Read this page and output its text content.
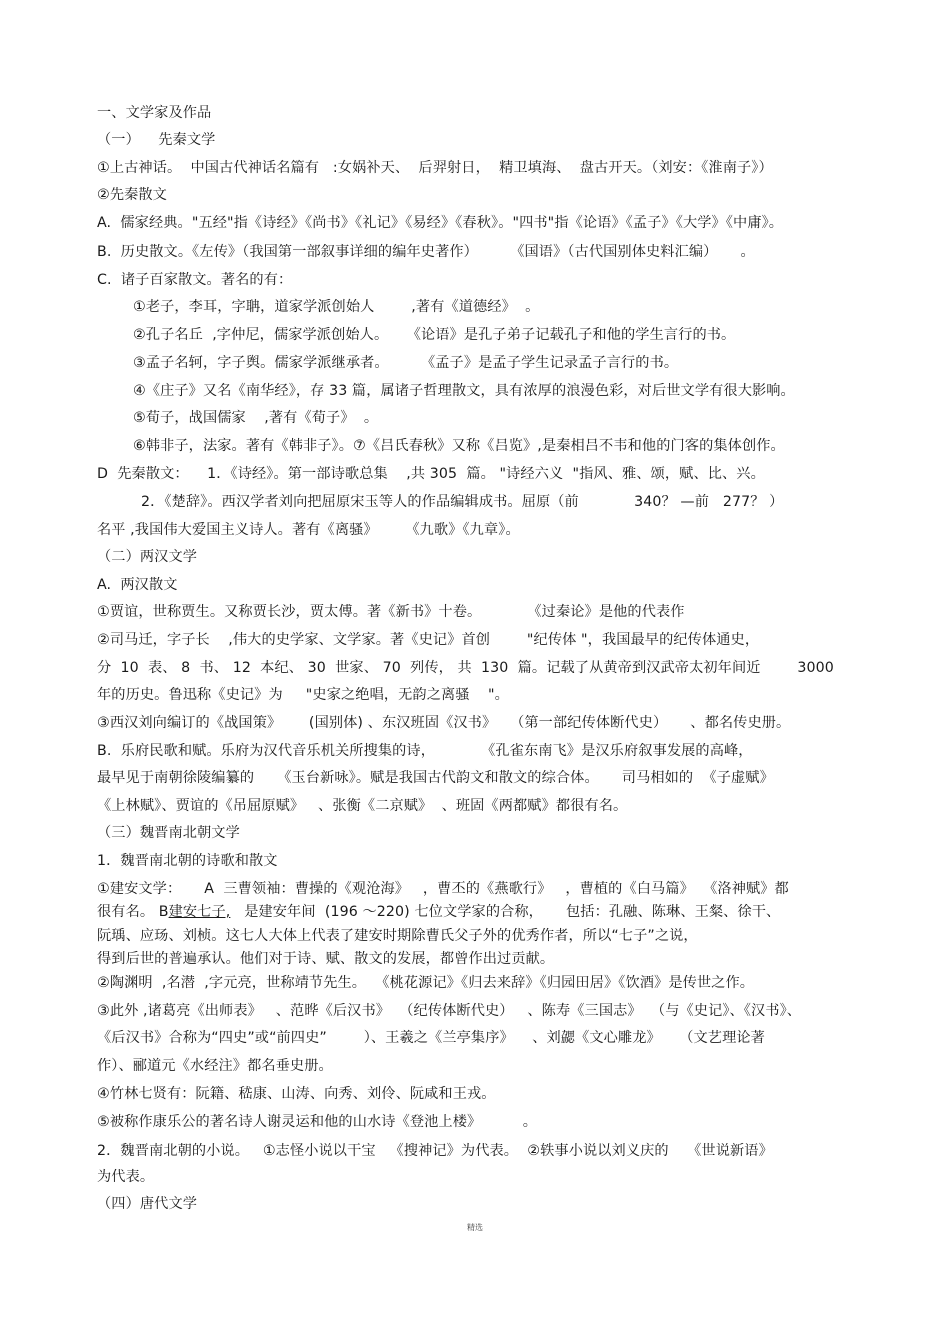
一、文学家及作品
（一）    先秦文学
①上古神话。  中国古代神话名篇有   :女娲补天、  后羿射日，  精卫填海、  盘古开天。（刘安：《淮南子》）
②先秦散文
A.  儒家经典。"五经"指《诗经》《尚书》《礼记》《易经》《春秋》。"四书"指《论语》《孟子》《大学》《中庸》。
B.  历史散文。《左传》（我国第一部叙事详细的编年史著作）       《国语》（古代国别体史料汇编）     。
C.  诸子百家散文。著名的有：
①老子，李耳，字聃，道家学派创始人        ,著有《道德经》  。
②孔子名丘  ,字仲尼，儒家学派创始人。    《论语》是孔子弟子记载孔子和他的学生言行的书。
③孟子名轲，字子舆。儒家学派继承者。       《孟子》是孟子学生记录孟子言行的书。
④《庄子》又名《南华经》，存 33 篇，属诸子哲理散文，具有浓厚的浪漫色彩，对后世文学有很大影响。
⑤荀子，战国儒家    ,著有《荀子》  。
⑥韩非子，法家。著有《韩非子》。⑦《吕氏春秋》又称《吕览》,是秦相吕不韦和他的门客的集体创作。
D  先秦散文：    1．《诗经》。第一部诗歌总集    ,共 305  篇。 "诗经六义  "指风、雅、颂，赋、比、兴。
2．《楚辞》。西汉学者刘向把屈原宋玉等人的作品编辑成书。屈原（前            340？ —前   277？ ）
名平 ,我国伟大爱国主义诗人。著有《离骚》      《九歌》《九章》。
（二）两汉文学
A.  两汉散文
①贾谊，世称贾生。又称贾长沙，贾太傅。著《新书》十卷。          《过秦论》是他的代表作
②司马迁，字子长    ,伟大的史学家、文学家。著《史记》首创        "纪传体 "，我国最早的纪传体通史，
分  10  表、 8  书、 12  本纪、 30  世家、 70  列传， 共  130  篇。记载了从黄帝到汉武帝太初年间近        3000
年的历史。鲁迅称《史记》为     "史家之绝唱，无韵之离骚    "。
③西汉刘向编订的《战国策》      (国别体) 、东汉班固《汉书》   （第一部纪传体断代史）     、都名传史册。
B.  乐府民歌和赋。乐府为汉代音乐机关所搜集的诗，          《孔雀东南飞》是汉乐府叙事发展的高峰，
最早见于南朝徐陵编纂的     《玉台新咏》。赋是我国古代韵文和散文的综合体。     司马相如的  《子虚赋》
《上林赋》、贾谊的《吊屈原赋》   、张衡《二京赋》  、班固《两都赋》都很有名。
（三）魏晋南北朝文学
1．魏晋南北朝的诗歌和散文
①建安文学：     A  三曹领袖：曹操的《观沧海》   ，曹丕的《燕歌行》   ，曹植的《白马篇》  《洛神赋》都
很有名。 B建安七子,   是建安年间  (196 ～220) 七位文学家的合称，     包括：孔融、陈琳、王粲、徐干、
阮瑀、应玚、刘桢。这七人大体上代表了建安时期除曹氏父子外的优秀作者，所以“七子”之说，
得到后世的普遍承认。他们对于诗、赋、散文的发展，都曾作出过贡献。
②陶渊明  ,名潜  ,字元亮，世称靖节先生。  《桃花源记》《归去来辞》《归园田居》《饮酒》是传世之作。
③此外 ,诸葛亮《出师表》   、范晔《后汉书》  （纪传体断代史）   、陈寿《三国志》  （与《史记》、《汉书》、
《后汉书》合称为“四史”或“前四史”        ）、王羲之《兰亭集序》    、刘勰《文心雕龙》    （文艺理论著
作）、郦道元《水经注》都名垂史册。
④竹林七贤有：阮籍、嵇康、山涛、向秀、刘伶、阮咸和王戎。
⑤被称作康乐公的著名诗人谢灵运和他的山水诗《登池上楼》         。
2．魏晋南北朝的小说。   ①志怪小说以干宝   《搜神记》为代表。  ②轶事小说以刘义庆的    《世说新语》
为代表。
（四）唐代文学
精选
